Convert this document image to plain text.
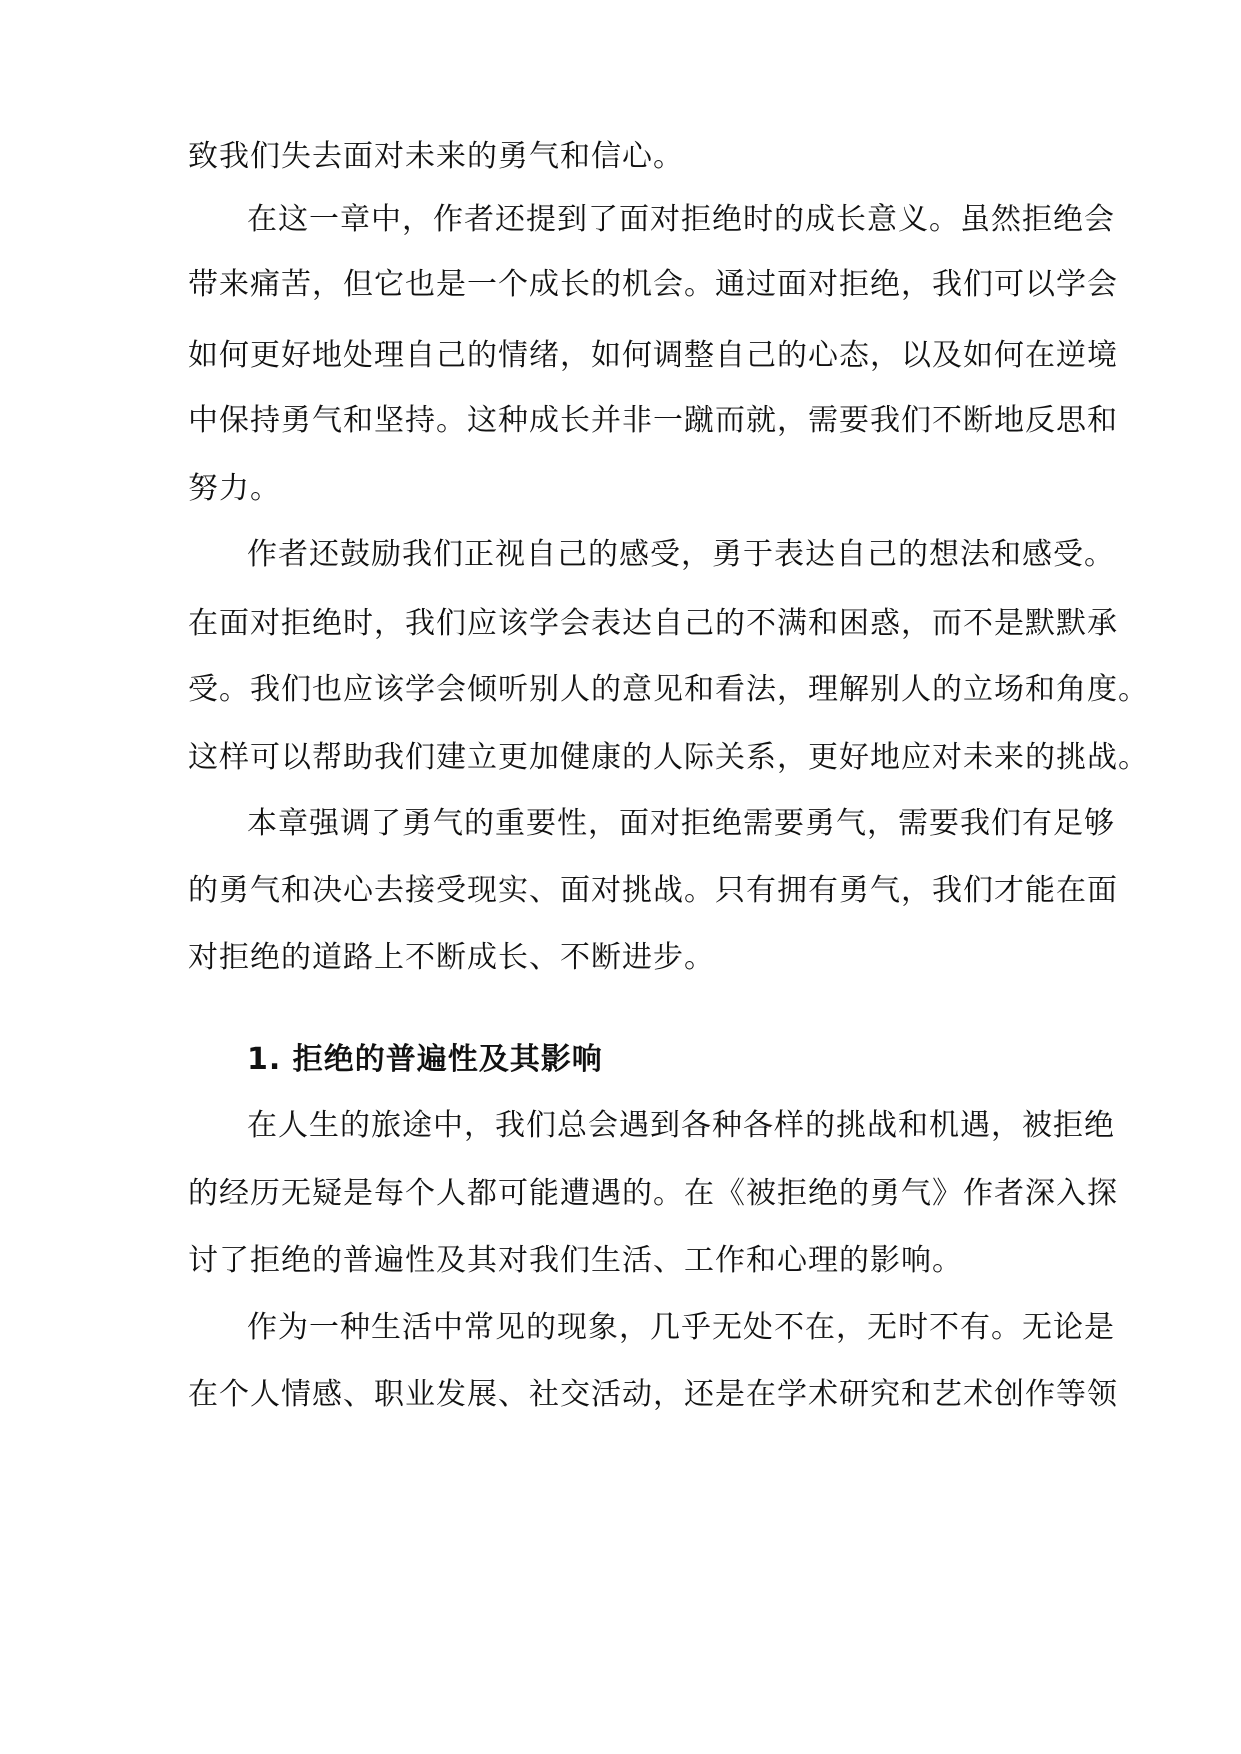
致我们失去面对未来的勇气和信心。
在这一章中，作者还提到了面对拒绝时的成长意义。虽然拒绝会
带来痛苦，但它也是一个成长的机会。通过面对拒绝，我们可以学会
如何更好地处理自己的情绪，如何调整自己的心态，以及如何在逆境
中保持勇气和坚持。这种成长并非一蹴而就，需要我们不断地反思和
努力。
作者还鼓励我们正视自己的感受，勇于表达自己的想法和感受。
在面对拒绝时，我们应该学会表达自己的不满和困惑，而不是默默承
受。我们也应该学会倾听别人的意见和看法，理解别人的立场和角度。
这样可以帮助我们建立更加健康的人际关系，更好地应对未来的挑战。
本章强调了勇气的重要性，面对拒绝需要勇气，需要我们有足够
的勇气和决心去接受现实、面对挑战。只有拥有勇气，我们才能在面
对拒绝的道路上不断成长、不断进步。
1. 拒绝的普遍性及其影响
在人生的旅途中，我们总会遇到各种各样的挑战和机遇，被拒绝
的经历无疑是每个人都可能遭遇的。在《被拒绝的勇气》作者深入探
讨了拒绝的普遍性及其对我们生活、工作和心理的影响。
作为一种生活中常见的现象，几乎无处不在，无时不有。无论是
在个人情感、职业发展、社交活动，还是在学术研究和艺术创作等领
